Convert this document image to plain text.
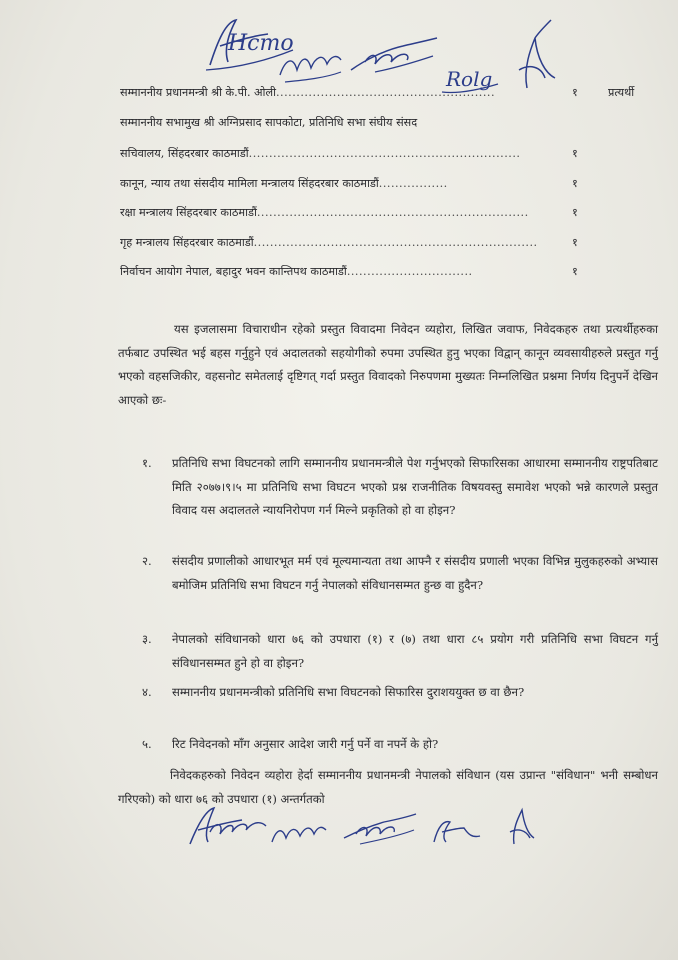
Hcmo
Rolg
सम्माननीय प्रधानमन्त्री श्री के.पी. ओली......................................................	१	प्रत्यर्थी
सम्माननीय सभामुख श्री अग्निप्रसाद सापकोटा, प्रतिनिधि सभा संघीय संसद
सचिवालय, सिंहदरबार काठमाडौं...................................................................	१
कानून, न्याय तथा संसदीय मामिला मन्त्रालय सिंहदरबार काठमाडौं.................	१
रक्षा मन्त्रालय सिंहदरबार काठमाडौं...................................................................	१
गृह मन्त्रालय सिंहदरबार काठमाडौं......................................................................	१
निर्वाचन आयोग नेपाल, बहादुर भवन कान्तिपथ काठमाडौं...............................	१
यस इजलासमा विचाराधीन रहेको प्रस्तुत विवादमा निवेदन व्यहोरा, लिखित जवाफ, निवेदकहरु तथा प्रत्यर्थीहरुका तर्फबाट उपस्थित भई बहस गर्नुहुने एवं अदालतको सहयोगीको रुपमा उपस्थित हुनु भएका विद्वान् कानून व्यवसायीहरुले प्रस्तुत गर्नु भएको वहसजिकीर, वहसनोट समेतलाई दृष्टिगत् गर्दा प्रस्तुत विवादको निरुपणमा मुख्यतः निम्नलिखित प्रश्नमा निर्णय दिनुपर्ने देखिन आएको छः-
१. प्रतिनिधि सभा विघटनको लागि सम्माननीय प्रधानमन्त्रीले पेश गर्नुभएको सिफारिसका आधारमा सम्माननीय राष्ट्रपतिबाट मिति २०७७।९।५ मा प्रतिनिधि सभा विघटन भएको प्रश्न राजनीतिक विषयवस्तु समावेश भएको भन्ने कारणले प्रस्तुत विवाद यस अदालतले न्यायनिरोपण गर्न मिल्ने प्रकृतिको हो वा होइन?
२. संसदीय प्रणालीको आधारभूत मर्म एवं मूल्यमान्यता तथा आफ्नै र संसदीय प्रणाली भएका विभिन्न मुलुकहरुको अभ्यास बमोजिम प्रतिनिधि सभा विघटन गर्नु नेपालको संविधानसम्मत हुन्छ वा हुदैन?
३. नेपालको संविधानको धारा ७६ को उपधारा (१) र (७) तथा धारा ८५ प्रयोग गरी प्रतिनिधि सभा विघटन गर्नु संविधानसम्मत हुने हो वा होइन?
४. सम्माननीय प्रधानमन्त्रीको प्रतिनिधि सभा विघटनको सिफारिस दुराशययुक्त छ वा छैन?
५. रिट निवेदनको माँग अनुसार आदेश जारी गर्नु पर्ने वा नपर्ने के हो?
निवेदकहरुको निवेदन व्यहोरा हेर्दा सम्माननीय प्रधानमन्त्री नेपालको संविधान (यस उप्रान्त "संविधान" भनी सम्बोधन गरिएको) को धारा ७६ को उपधारा (१) अन्तर्गतको
